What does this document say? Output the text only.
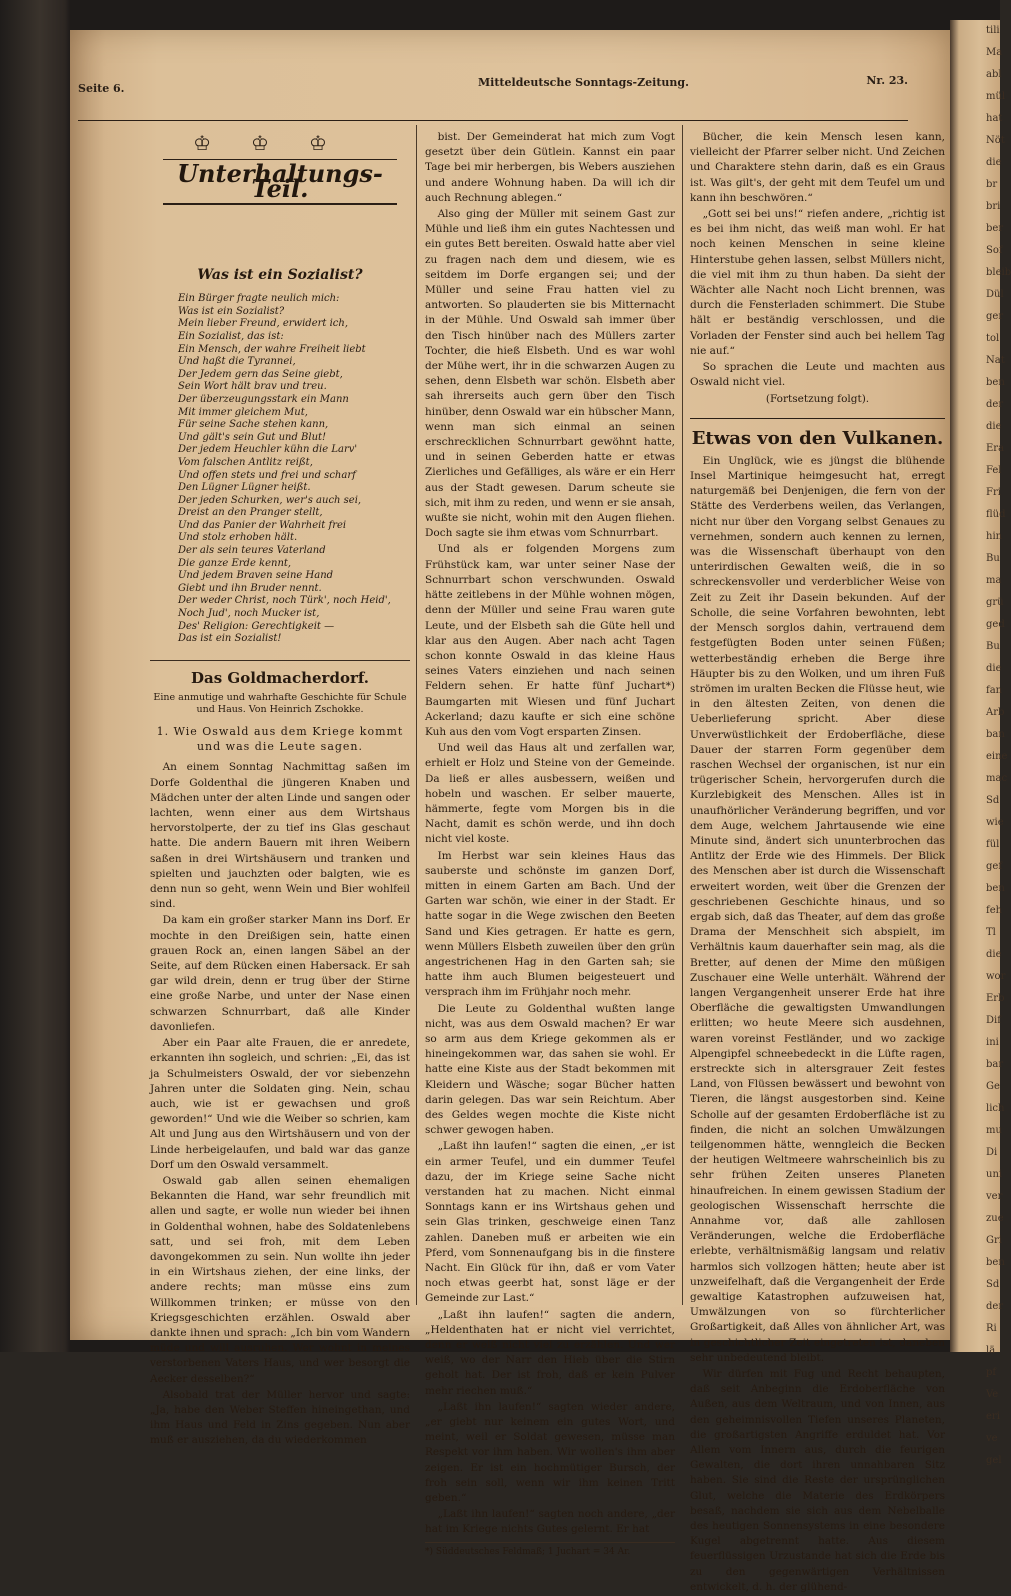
tili
Ma
abl
mül
hat
Nöt
die
br
bri
ber
Sof
bleib
Dül
ger
tol
Nat
ben
der
die
Era
Fel
Fri
flüd
hin
Bu
ma
grü
ged
Bu
die
fan
Arb
ban
eine
mac
Sd
wie
fül
gef
ben
feh
Tl
die
wor
Erb
Dif
ini
bar
Ge
lich
mu
Di
uni
ver
zue
Gri
ben
Sd
der
Ri
lä
pf
Ve
eri
ve
gel
Seite 6.	Mitteldeutsche Sonntags-Zeitung.	Nr. 23.
♔♔♔
Unterhaltungs-Teil.
Was ist ein Sozialist?
Ein Bürger fragte neulich mich:
Was ist ein Sozialist?
Mein lieber Freund, erwidert ich,
Ein Sozialist, das ist:
Ein Mensch, der wahre Freiheit liebt
Und haßt die Tyrannei,
Der Jedem gern das Seine giebt,
Sein Wort hält brav und treu.
Der überzeugungsstark ein Mann
Mit immer gleichem Mut,
Für seine Sache stehen kann,
Und gält's sein Gut und Blut!
Der jedem Heuchler kühn die Larv'
Vom falschen Antlitz reißt,
Und offen stets und frei und scharf
Den Lügner Lügner heißt.
Der jeden Schurken, wer's auch sei,
Dreist an den Pranger stellt,
Und das Panier der Wahrheit frei
Und stolz erhoben hält.
Der als sein teures Vaterland
Die ganze Erde kennt,
Und jedem Braven seine Hand
Giebt und ihn Bruder nennt.
Der weder Christ, noch Türk', noch Heid',
Noch Jud', noch Mucker ist,
Des' Religion: Gerechtigkeit —
Das ist ein Sozialist!
Das Goldmacherdorf.
Eine anmutige und wahrhafte Geschichte für Schule und Haus. Von Heinrich Zschokke.
1. Wie Oswald aus dem Kriege kommt und was die Leute sagen.

An einem Sonntag Nachmittag saßen im Dorfe Goldenthal die jüngeren Knaben und Mädchen unter der alten Linde und sangen oder lachten, wenn einer aus dem Wirtshaus hervorstolperte, der zu tief ins Glas geschaut hatte. Die andern Bauern mit ihren Weibern saßen in drei Wirtshäusern und tranken und spielten und jauchzten oder balgten, wie es denn nun so geht, wenn Wein und Bier wohlfeil sind.

Da kam ein großer starker Mann ins Dorf. Er mochte in den Dreißigen sein, hatte einen grauen Rock an, einen langen Säbel an der Seite, auf dem Rücken einen Habersack. Er sah gar wild drein, denn er trug über der Stirne eine große Narbe, und unter der Nase einen schwarzen Schnurrbart, daß alle Kinder davonliefen.

Aber ein Paar alte Frauen, die er anredete, erkannten ihn sogleich, und schrien: „Ei, das ist ja Schulmeisters Oswald, der vor siebenzehn Jahren unter die Soldaten ging. Nein, schau auch, wie ist er gewachsen und groß geworden!“ Und wie die Weiber so schrien, kam Alt und Jung aus den Wirtshäusern und von der Linde herbeigelaufen, und bald war das ganze Dorf um den Oswald versammelt.

Oswald gab allen seinen ehemaligen Bekannten die Hand, war sehr freundlich mit allen und sagte, er wolle nun wieder bei ihnen in Goldenthal wohnen, habe des Soldatenlebens satt, und sei froh, mit dem Leben davongekommen zu sein. Nun wollte ihn jeder in ein Wirtshaus ziehen, der eine links, der andere rechts; man müsse eins zum Willkommen trinken; er müsse von den Kriegsgeschichten erzählen. Oswald aber dankte ihnen und sprach: „Ich bin vom Wandern müde und will ausruhen. Wer wohnt in meines verstorbenen Vaters Haus, und wer besorgt die Aecker desselben?“

Alsobald trat der Müller hervor und sagte: „Ja, habe den Weber Steffen hineingethan, und ihm Haus und Feld in Zins gegeben. Nun aber muß er ausziehen, da du wiederkommen

bist. Der Gemeinderat hat mich zum Vogt gesetzt über dein Gütlein. Kannst ein paar Tage bei mir herbergen, bis Webers ausziehen und andere Wohnung haben. Da will ich dir auch Rechnung ablegen.“

Also ging der Müller mit seinem Gast zur Mühle und ließ ihm ein gutes Nachtessen und ein gutes Bett bereiten. Oswald hatte aber viel zu fragen nach dem und diesem, wie es seitdem im Dorfe ergangen sei; und der Müller und seine Frau hatten viel zu antworten. So plauderten sie bis Mitternacht in der Mühle. Und Oswald sah immer über den Tisch hinüber nach des Müllers zarter Tochter, die hieß Elsbeth. Und es war wohl der Mühe wert, ihr in die schwarzen Augen zu sehen, denn Elsbeth war schön. Elsbeth aber sah ihrerseits auch gern über den Tisch hinüber, denn Oswald war ein hübscher Mann, wenn man sich einmal an seinen erschrecklichen Schnurrbart gewöhnt hatte, und in seinen Geberden hatte er etwas Zierliches und Gefälliges, als wäre er ein Herr aus der Stadt gewesen. Darum scheute sie sich, mit ihm zu reden, und wenn er sie ansah, wußte sie nicht, wohin mit den Augen fliehen. Doch sagte sie ihm etwas vom Schnurrbart.

Und als er folgenden Morgens zum Frühstück kam, war unter seiner Nase der Schnurrbart schon verschwunden. Oswald hätte zeitlebens in der Mühle wohnen mögen, denn der Müller und seine Frau waren gute Leute, und der Elsbeth sah die Güte hell und klar aus den Augen. Aber nach acht Tagen schon konnte Oswald in das kleine Haus seines Vaters einziehen und nach seinen Feldern sehen. Er hatte fünf Juchart*) Baumgarten mit Wiesen und fünf Juchart Ackerland; dazu kaufte er sich eine schöne Kuh aus den vom Vogt ersparten Zinsen.

Und weil das Haus alt und zerfallen war, erhielt er Holz und Steine von der Gemeinde. Da ließ er alles ausbessern, weißen und hobeln und waschen. Er selber mauerte, hämmerte, fegte vom Morgen bis in die Nacht, damit es schön werde, und ihn doch nicht viel koste.

Im Herbst war sein kleines Haus das sauberste und schönste im ganzen Dorf, mitten in einem Garten am Bach. Und der Garten war schön, wie einer in der Stadt. Er hatte sogar in die Wege zwischen den Beeten Sand und Kies getragen. Er hatte es gern, wenn Müllers Elsbeth zuweilen über den grün angestrichenen Hag in den Garten sah; sie hatte ihm auch Blumen beigesteuert und versprach ihm im Frühjahr noch mehr.

Die Leute zu Goldenthal wußten lange nicht, was aus dem Oswald machen? Er war so arm aus dem Kriege gekommen als er hineingekommen war, das sahen sie wohl. Er hatte eine Kiste aus der Stadt bekommen mit Kleidern und Wäsche; sogar Bücher hatten darin gelegen. Das war sein Reichtum. Aber des Geldes wegen mochte die Kiste nicht schwer gewogen haben.

„Laßt ihn laufen!“ sagten die einen, „er ist ein armer Teufel, und ein dummer Teufel dazu, der im Kriege seine Sache nicht verstanden hat zu machen. Nicht einmal Sonntags kann er ins Wirtshaus gehen und sein Glas trinken, geschweige einen Tanz zahlen. Daneben muß er arbeiten wie ein Pferd, vom Sonnenaufgang bis in die finstere Nacht. Ein Glück für ihn, daß er vom Vater noch etwas geerbt hat, sonst läge er der Gemeinde zur Last.“

„Laßt ihn laufen!“ sagten die andern, „Heldenthaten hat er nicht viel verrichtet, denn er weiß nicht viel zu erzählen. Und wer weiß, wo der Narr den Hieb über die Stirn geholt hat. Der ist froh, daß er kein Pulver mehr riechen muß.“

„Laßt ihn laufen!“ sagten wieder andere, „er giebt nur keinem ein gutes Wort, und meint, weil er Soldat gewesen, müsse man Respekt vor ihm haben. Wir wollen's ihm aber zeigen. Er ist ein hochmütiger Bursch, der froh sein soll, wenn wir ihm keinen Tritt geben.“

„Laßt ihn laufen!“ sagten noch andere, „der hat im Kriege nichts Gutes gelernt. Er hat

*) Süddeutsches Feldmaß; 1 Juchart = 34 Ar.

Bücher, die kein Mensch lesen kann, vielleicht der Pfarrer selber nicht. Und Zeichen und Charaktere stehn darin, daß es ein Graus ist. Was gilt's, der geht mit dem Teufel um und kann ihn beschwören.“

„Gott sei bei uns!“ riefen andere, „richtig ist es bei ihm nicht, das weiß man wohl. Er hat noch keinen Menschen in seine kleine Hinterstube gehen lassen, selbst Müllers nicht, die viel mit ihm zu thun haben. Da sieht der Wächter alle Nacht noch Licht brennen, was durch die Fensterladen schimmert. Die Stube hält er beständig verschlossen, und die Vorladen der Fenster sind auch bei hellem Tag nie auf.“

So sprachen die Leute und machten aus Oswald nicht viel.

(Fortsetzung folgt).
Etwas von den Vulkanen.

Ein Unglück, wie es jüngst die blühende Insel Martinique heimgesucht hat, erregt naturgemäß bei Denjenigen, die fern von der Stätte des Verderbens weilen, das Verlangen, nicht nur über den Vorgang selbst Genaues zu vernehmen, sondern auch kennen zu lernen, was die Wissenschaft überhaupt von den unterirdischen Gewalten weiß, die in so schreckensvoller und verderblicher Weise von Zeit zu Zeit ihr Dasein bekunden. Auf der Scholle, die seine Vorfahren bewohnten, lebt der Mensch sorglos dahin, vertrauend dem festgefügten Boden unter seinen Füßen; wetterbeständig erheben die Berge ihre Häupter bis zu den Wolken, und um ihren Fuß strömen im uralten Becken die Flüsse heut, wie in den ältesten Zeiten, von denen die Ueberlieferung spricht. Aber diese Unverwüstlichkeit der Erdoberfläche, diese Dauer der starren Form gegenüber dem raschen Wechsel der organischen, ist nur ein trügerischer Schein, hervorgerufen durch die Kurzlebigkeit des Menschen. Alles ist in unaufhörlicher Veränderung begriffen, und vor dem Auge, welchem Jahrtausende wie eine Minute sind, ändert sich ununterbrochen das Antlitz der Erde wie des Himmels. Der Blick des Menschen aber ist durch die Wissenschaft erweitert worden, weit über die Grenzen der geschriebenen Geschichte hinaus, und so ergab sich, daß das Theater, auf dem das große Drama der Menschheit sich abspielt, im Verhältnis kaum dauerhafter sein mag, als die Bretter, auf denen der Mime den müßigen Zuschauer eine Welle unterhält. Während der langen Vergangenheit unserer Erde hat ihre Oberfläche die gewaltigsten Umwandlungen erlitten; wo heute Meere sich ausdehnen, waren voreinst Festländer, und wo zackige Alpengipfel schneebedeckt in die Lüfte ragen, erstreckte sich in altersgrauer Zeit festes Land, von Flüssen bewässert und bewohnt von Tieren, die längst ausgestorben sind. Keine Scholle auf der gesamten Erdoberfläche ist zu finden, die nicht an solchen Umwälzungen teilgenommen hätte, wenngleich die Becken der heutigen Weltmeere wahrscheinlich bis zu sehr frühen Zeiten unseres Planeten hinaufreichen. In einem gewissen Stadium der geologischen Wissenschaft herrschte die Annahme vor, daß alle zahllosen Veränderungen, welche die Erdoberfläche erlebte, verhältnismäßig langsam und relativ harmlos sich vollzogen hätten; heute aber ist unzweifelhaft, daß die Vergangenheit der Erde gewaltige Katastrophen aufzuweisen hat, Umwälzungen von so fürchterlicher Großartigkeit, daß Alles von ähnlicher Art, was in geschichtlicher Zeit eingetreten ist, daneben sehr unbedeutend bleibt.

Wir dürfen mit Fug und Recht behaupten, daß seit Anbeginn die Erdoberfläche von Außen, aus dem Weltraum, und von Innen, aus den geheimnisvollen Tiefen unseres Planeten, die großartigsten Angriffe erduldet hat. Vor Allem vom Innern aus, durch die feurigen Gewalten, die dort ihren unnahbaren Sitz haben. Sie sind die Reste der ursprünglichen Glut, welche die Materie des Erdkörpers besaß, nachdem sie sich aus dem Nebelballe des heutigen Sonnensystems in eine besondere Kugel abgetrennt hatte. Aus diesem feuerflüssigen Urzustande hat sich die Erde bis zu den gegenwärtigen Verhältnissen entwickelt, d. h. der glühend-
